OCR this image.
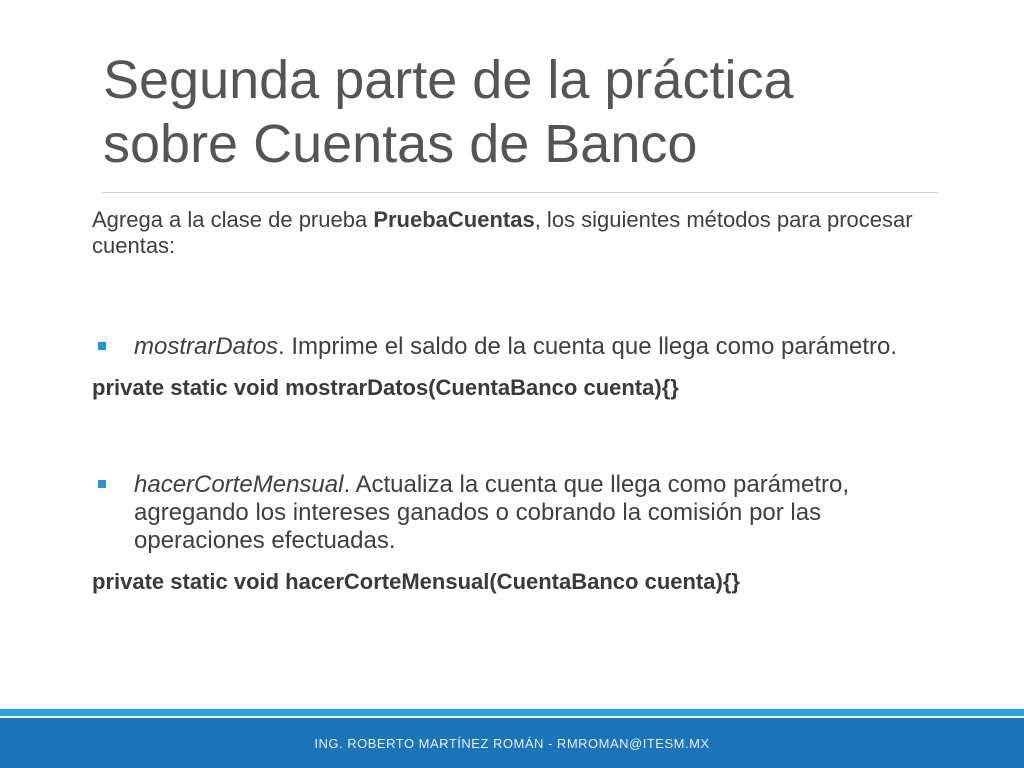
Segunda parte de la práctica
sobre Cuentas de Banco

Agrega a la clase de prueba PruebaCuentas, los siguientes métodos para procesar cuentas:

mostrarDatos. Imprime el saldo de la cuenta que llega como parámetro.

private static void mostrarDatos(CuentaBanco cuenta){}

hacerCorteMensual. Actualiza la cuenta que llega como parámetro, agregando los intereses ganados o cobrando la comisión por las operaciones efectuadas.

private static void hacerCorteMensual(CuentaBanco cuenta){}

ING. ROBERTO MARTÍNEZ ROMÁN - RMROMAN@ITESM.MX
